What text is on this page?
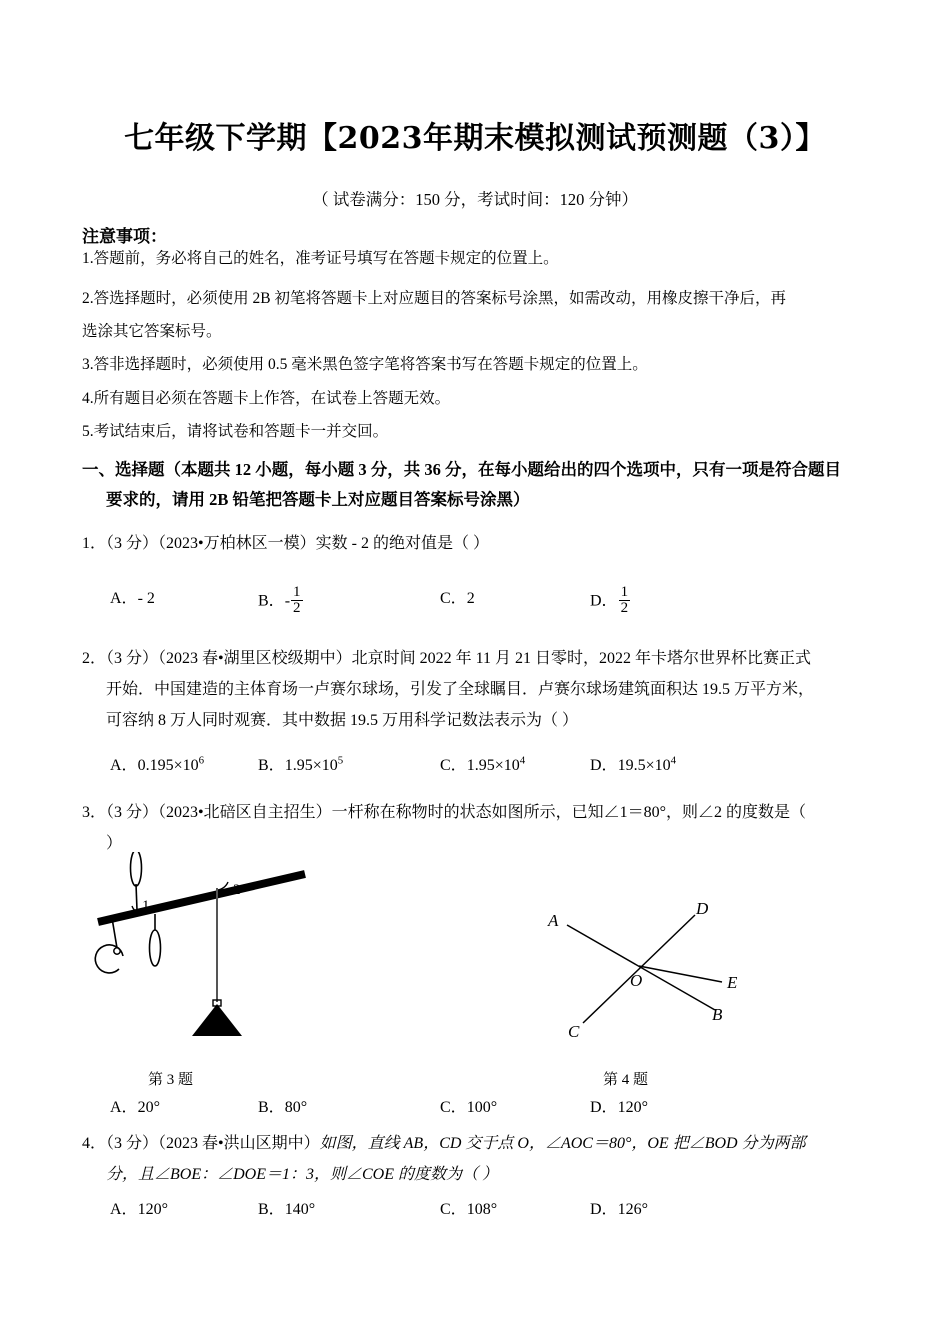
七年级下学期【2023年期末模拟测试预测题（3）】
（ 试卷满分：150 分，考试时间：120 分钟）
注意事项：
1.答题前，务必将自己的姓名，准考证号填写在答题卡规定的位置上。
2.答选择题时，必须使用 2B 初笔将答题卡上对应题目的答案标号涂黑，如需改动，用橡皮擦干净后，再
选涂其它答案标号。
3.答非选择题时，必须使用 0.5 毫米黑色签字笔将答案书写在答题卡规定的位置上。
4.所有题目必须在答题卡上作答，在试卷上答题无效。
5.考试结束后，请将试卷和答题卡一并交回。
一、选择题（本题共 12 小题，每小题 3 分，共 36 分，在每小题给出的四个选项中，只有一项是符合题目
要求的，请用 2B 铅笔把答题卡上对应题目答案标号涂黑）
1．（3 分）（2023•万柏林区一模）实数 - 2 的绝对值是（ ）
A．- 2	B．- $\frac{1}{2}$	C．2	D． $\frac{1}{2}$
2．（3 分）（2023 春•湖里区校级期中）北京时间 2022 年 11 月 21 日零时，2022 年卡塔尔世界杯比赛正式
开始．中国建造的主体育场一卢赛尔球场，引发了全球瞩目．卢赛尔球场建筑面积达 19.5 万平方米，
可容纳 8 万人同时观赛．其中数据 19.5 万用科学记数法表示为（ ）
A．$0.195\times 10^6$	B．$1.95\times 10^5$	C．$1.95\times 10^4$	D．$19.5\times 10^4$
3．（3 分）（2023•北碚区自主招生）一杆称在称物时的状态如图所示，已知∠1＝80°，则∠2 的度数是（
）
1
2
A
B
C
D
E
O
第 3 题	第 4 题
A．20°	B．80°	C．100°	D．120°
4．（3 分）（2023 春•洪山区期中）如图，直线 AB，CD 交于点 O，∠AOC＝80°，OE 把∠BOD 分为两部
分，且∠BOE：∠DOE＝1：3，则∠COE 的度数为（ ）
A．120°	B．140°	C．108°	D．126°
